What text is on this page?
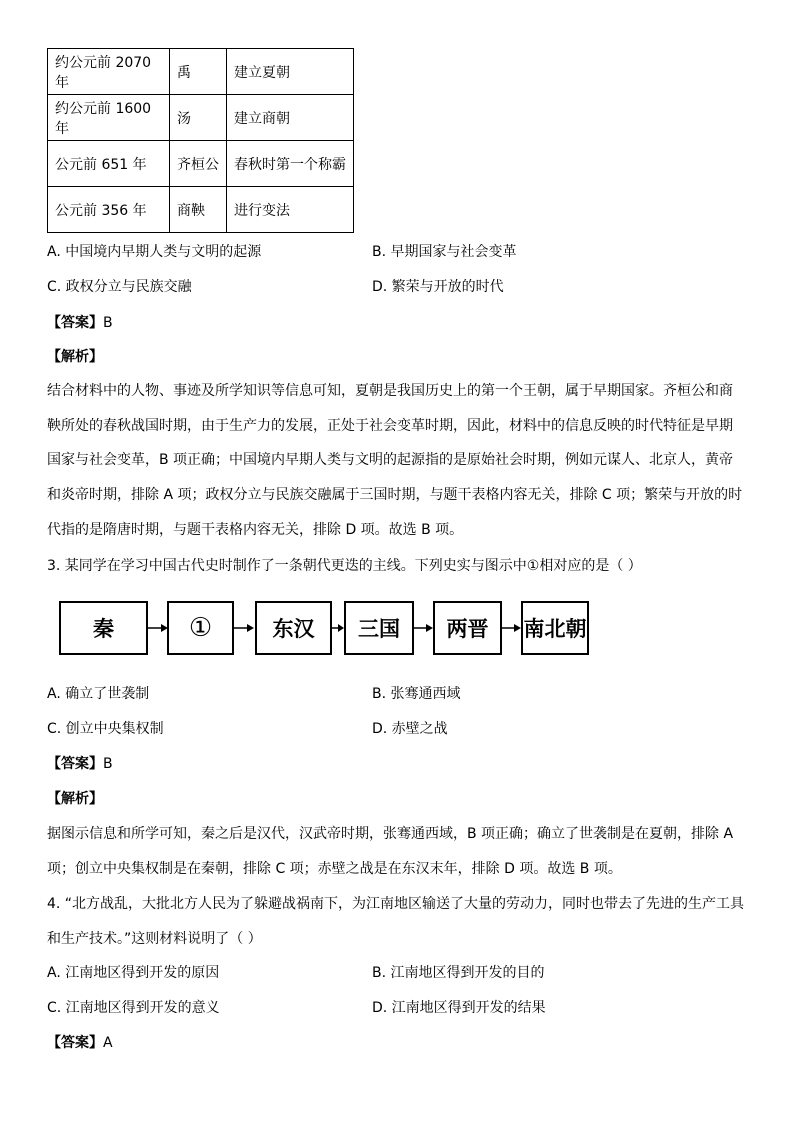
约公元前 2070 年	禹	建立夏朝
约公元前 1600 年	汤	建立商朝
公元前 651 年	齐桓公	春秋时第一个称霸
公元前 356 年	商鞅	进行变法
A. 中国境内早期人类与文明的起源	B. 早期国家与社会变革
C. 政权分立与民族交融	D. 繁荣与开放的时代
【答案】B
【解析】
结合材料中的人物、事迹及所学知识等信息可知，夏朝是我国历史上的第一个王朝，属于早期国家。齐桓公和商
鞅所处的春秋战国时期，由于生产力的发展，正处于社会变革时期，因此，材料中的信息反映的时代特征是早期
国家与社会变革，B 项正确；中国境内早期人类与文明的起源指的是原始社会时期，例如元谋人、北京人，黄帝
和炎帝时期，排除 A 项；政权分立与民族交融属于三国时期，与题干表格内容无关，排除 C 项；繁荣与开放的时
代指的是隋唐时期，与题干表格内容无关，排除 D 项。故选 B 项。
3. 某同学在学习中国古代史时制作了一条朝代更迭的主线。下列史实与图示中①相对应的是（ ）
秦	①	东汉	三国	两晋	南北朝
A. 确立了世袭制	B. 张骞通西域
C. 创立中央集权制	D. 赤壁之战
【答案】B
【解析】
据图示信息和所学可知，秦之后是汉代，汉武帝时期，张骞通西域，B 项正确；确立了世袭制是在夏朝，排除 A
项；创立中央集权制是在秦朝，排除 C 项；赤壁之战是在东汉末年，排除 D 项。故选 B 项。
4. “北方战乱，大批北方人民为了躲避战祸南下，为江南地区输送了大量的劳动力，同时也带去了先进的生产工具
和生产技术。”这则材料说明了（ ）
A. 江南地区得到开发的原因	B. 江南地区得到开发的目的
C. 江南地区得到开发的意义	D. 江南地区得到开发的结果
【答案】A
